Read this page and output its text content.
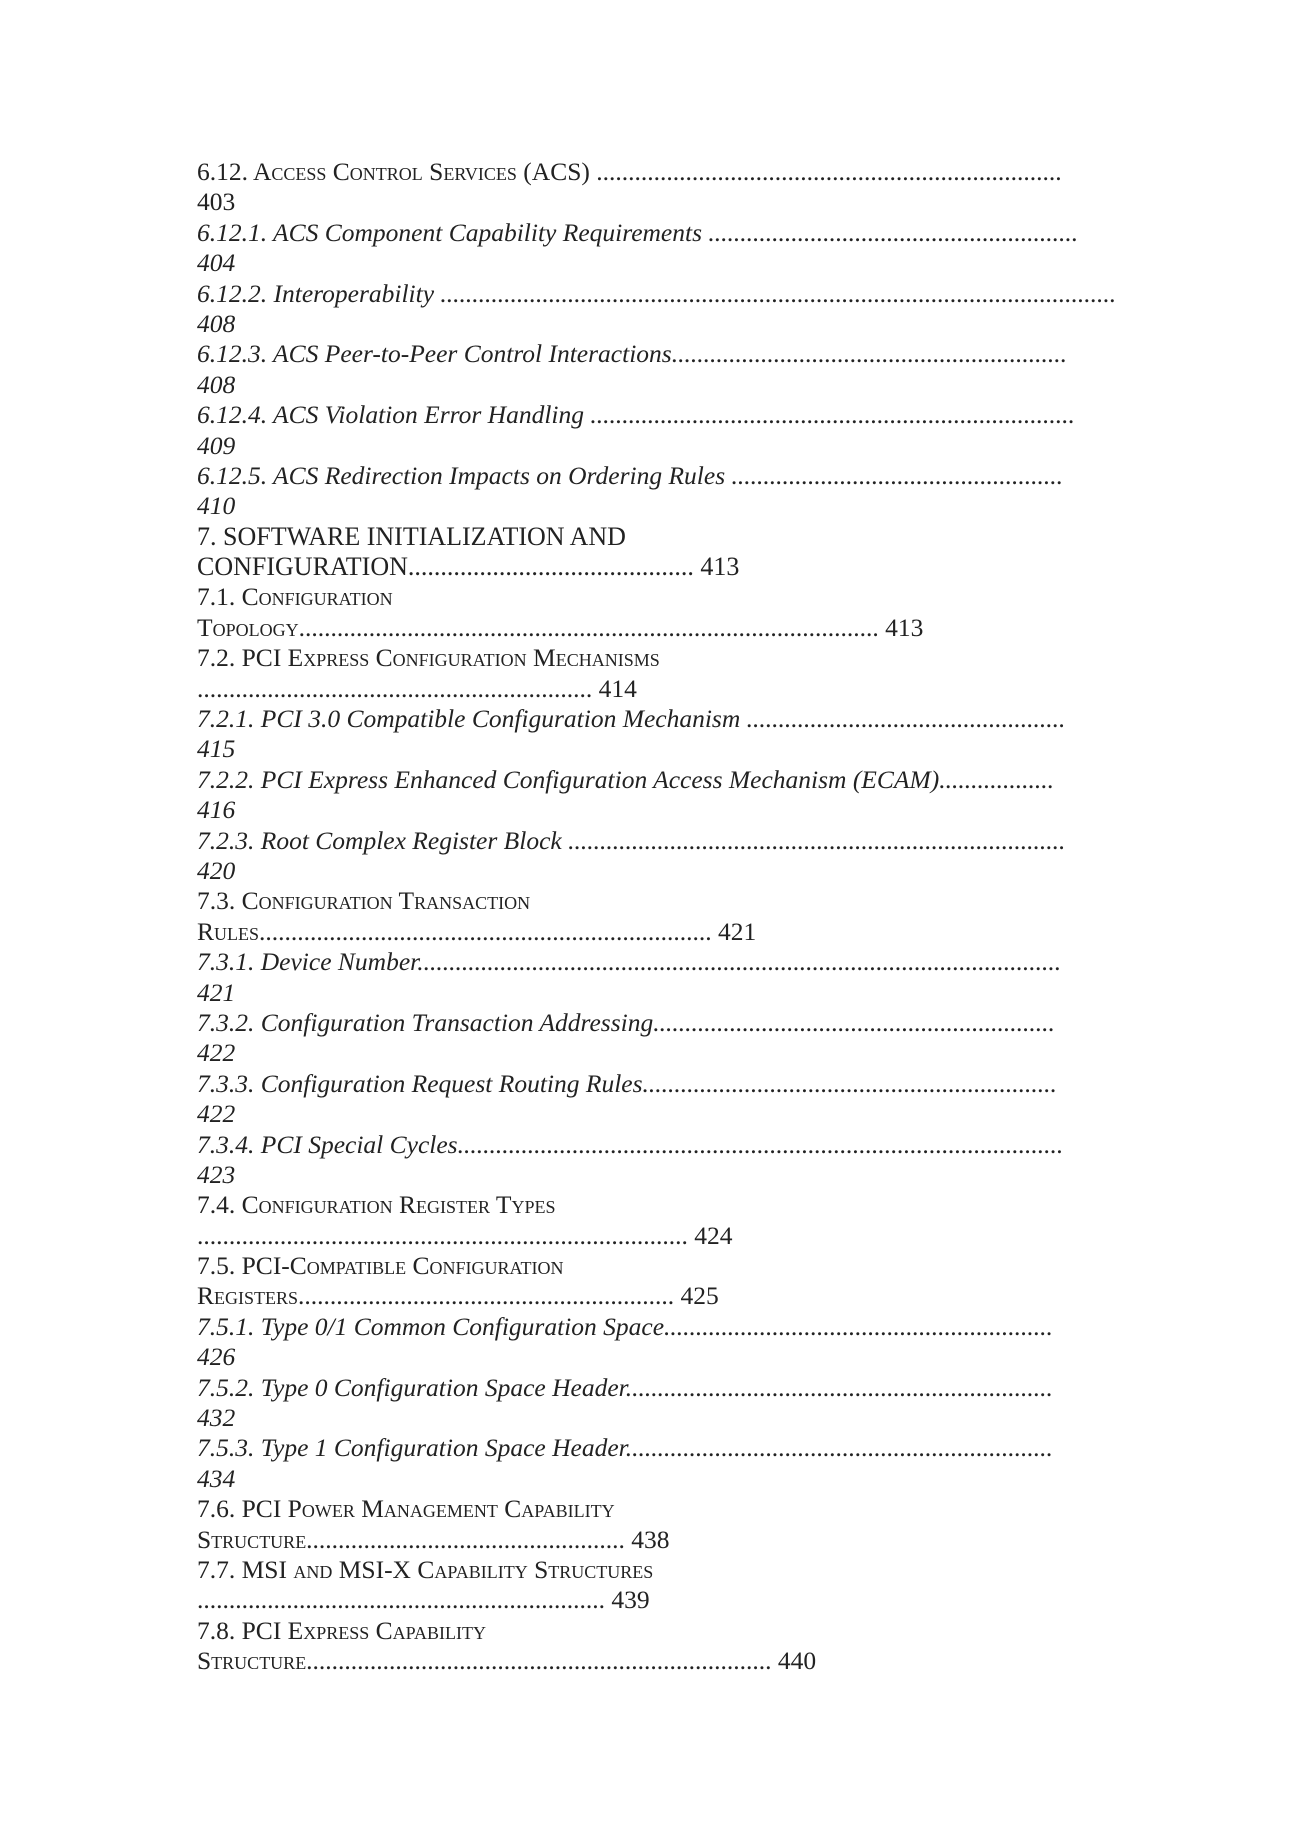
6.12. Access Control Services (ACS) .........................................................................
403
6.12.1. ACS Component Capability Requirements ..........................................................
404
6.12.2. Interoperability ..........................................................................................................
408
6.12.3. ACS Peer-to-Peer Control Interactions..............................................................
408
6.12.4. ACS Violation Error Handling ............................................................................
409
6.12.5. ACS Redirection Impacts on Ordering Rules ....................................................
410
7. SOFTWARE INITIALIZATION AND
CONFIGURATION............................................ 413
7.1. Configuration
Topology........................................................................................... 413
7.2. PCI Express Configuration Mechanisms
.............................................................. 414
7.2.1. PCI 3.0 Compatible Configuration Mechanism ..................................................
415
7.2.2. PCI Express Enhanced Configuration Access Mechanism (ECAM)..................
416
7.2.3. Root Complex Register Block ..............................................................................
420
7.3. Configuration Transaction
Rules....................................................................... 421
7.3.1. Device Number.....................................................................................................
421
7.3.2. Configuration Transaction Addressing...............................................................
422
7.3.3. Configuration Request Routing Rules.................................................................
422
7.3.4. PCI Special Cycles...............................................................................................
423
7.4. Configuration Register Types
............................................................................. 424
7.5. PCI-Compatible Configuration
Registers........................................................... 425
7.5.1. Type 0/1 Common Configuration Space.............................................................
426
7.5.2. Type 0 Configuration Space Header...................................................................
432
7.5.3. Type 1 Configuration Space Header...................................................................
434
7.6. PCI Power Management Capability
Structure.................................................. 438
7.7. MSI and MSI-X Capability Structures
................................................................ 439
7.8. PCI Express Capability
Structure......................................................................... 440
